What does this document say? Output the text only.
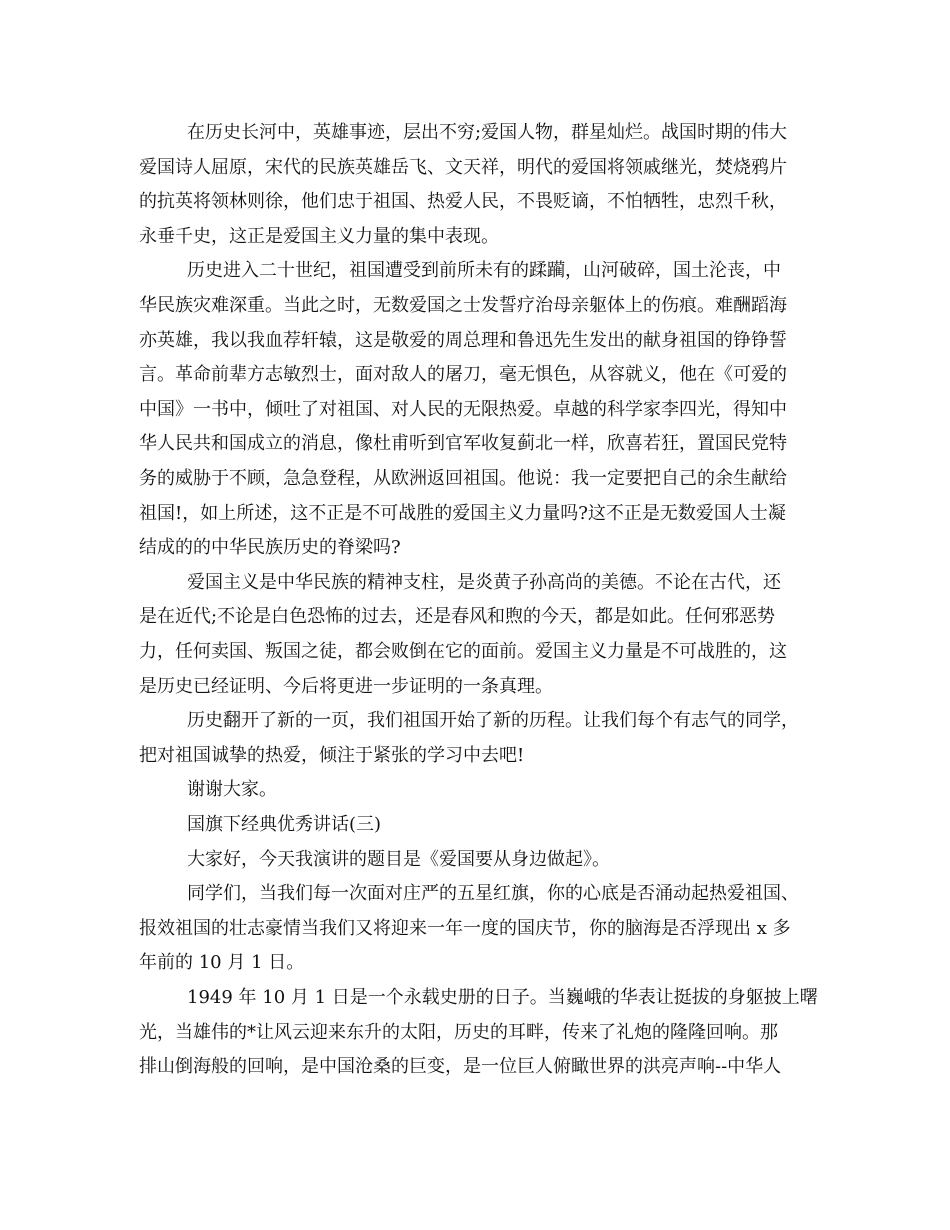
在历史长河中，英雄事迹，层出不穷;爱国人物，群星灿烂。战国时期的伟大
爱国诗人屈原，宋代的民族英雄岳飞、文天祥，明代的爱国将领戚继光，焚烧鸦片
的抗英将领林则徐，他们忠于祖国、热爱人民，不畏贬谪，不怕牺牲，忠烈千秋，
永垂千史，这正是爱国主义力量的集中表现。
历史进入二十世纪，祖国遭受到前所未有的蹂躏，山河破碎，国土沦丧，中
华民族灾难深重。当此之时，无数爱国之士发誓疗治母亲躯体上的伤痕。难酬蹈海
亦英雄，我以我血荐轩辕，这是敬爱的周总理和鲁迅先生发出的献身祖国的铮铮誓
言。革命前辈方志敏烈士，面对敌人的屠刀，毫无惧色，从容就义，他在《可爱的
中国》一书中，倾吐了对祖国、对人民的无限热爱。卓越的科学家李四光，得知中
华人民共和国成立的消息，像杜甫听到官军收复蓟北一样，欣喜若狂，置国民党特
务的威胁于不顾，急急登程，从欧洲返回祖国。他说：我一定要把自己的余生献给
祖国!，如上所述，这不正是不可战胜的爱国主义力量吗?这不正是无数爱国人士凝
结成的的中华民族历史的脊梁吗?
爱国主义是中华民族的精神支柱，是炎黄子孙高尚的美德。不论在古代，还
是在近代;不论是白色恐怖的过去，还是春风和煦的今天，都是如此。任何邪恶势
力，任何卖国、叛国之徒，都会败倒在它的面前。爱国主义力量是不可战胜的，这
是历史已经证明、今后将更进一步证明的一条真理。
历史翻开了新的一页，我们祖国开始了新的历程。让我们每个有志气的同学，
把对祖国诚挚的热爱，倾注于紧张的学习中去吧!
谢谢大家。
国旗下经典优秀讲话(三)
大家好，今天我演讲的题目是《爱国要从身边做起》。
同学们，当我们每一次面对庄严的五星红旗，你的心底是否涌动起热爱祖国、
报效祖国的壮志豪情当我们又将迎来一年一度的国庆节，你的脑海是否浮现出 x 多
年前的 10 月 1 日。
1949 年 10 月 1 日是一个永载史册的日子。当巍峨的华表让挺拔的身躯披上曙
光，当雄伟的*让风云迎来东升的太阳，历史的耳畔，传来了礼炮的隆隆回响。那
排山倒海般的回响，是中国沧桑的巨变，是一位巨人俯瞰世界的洪亮声响--中华人
